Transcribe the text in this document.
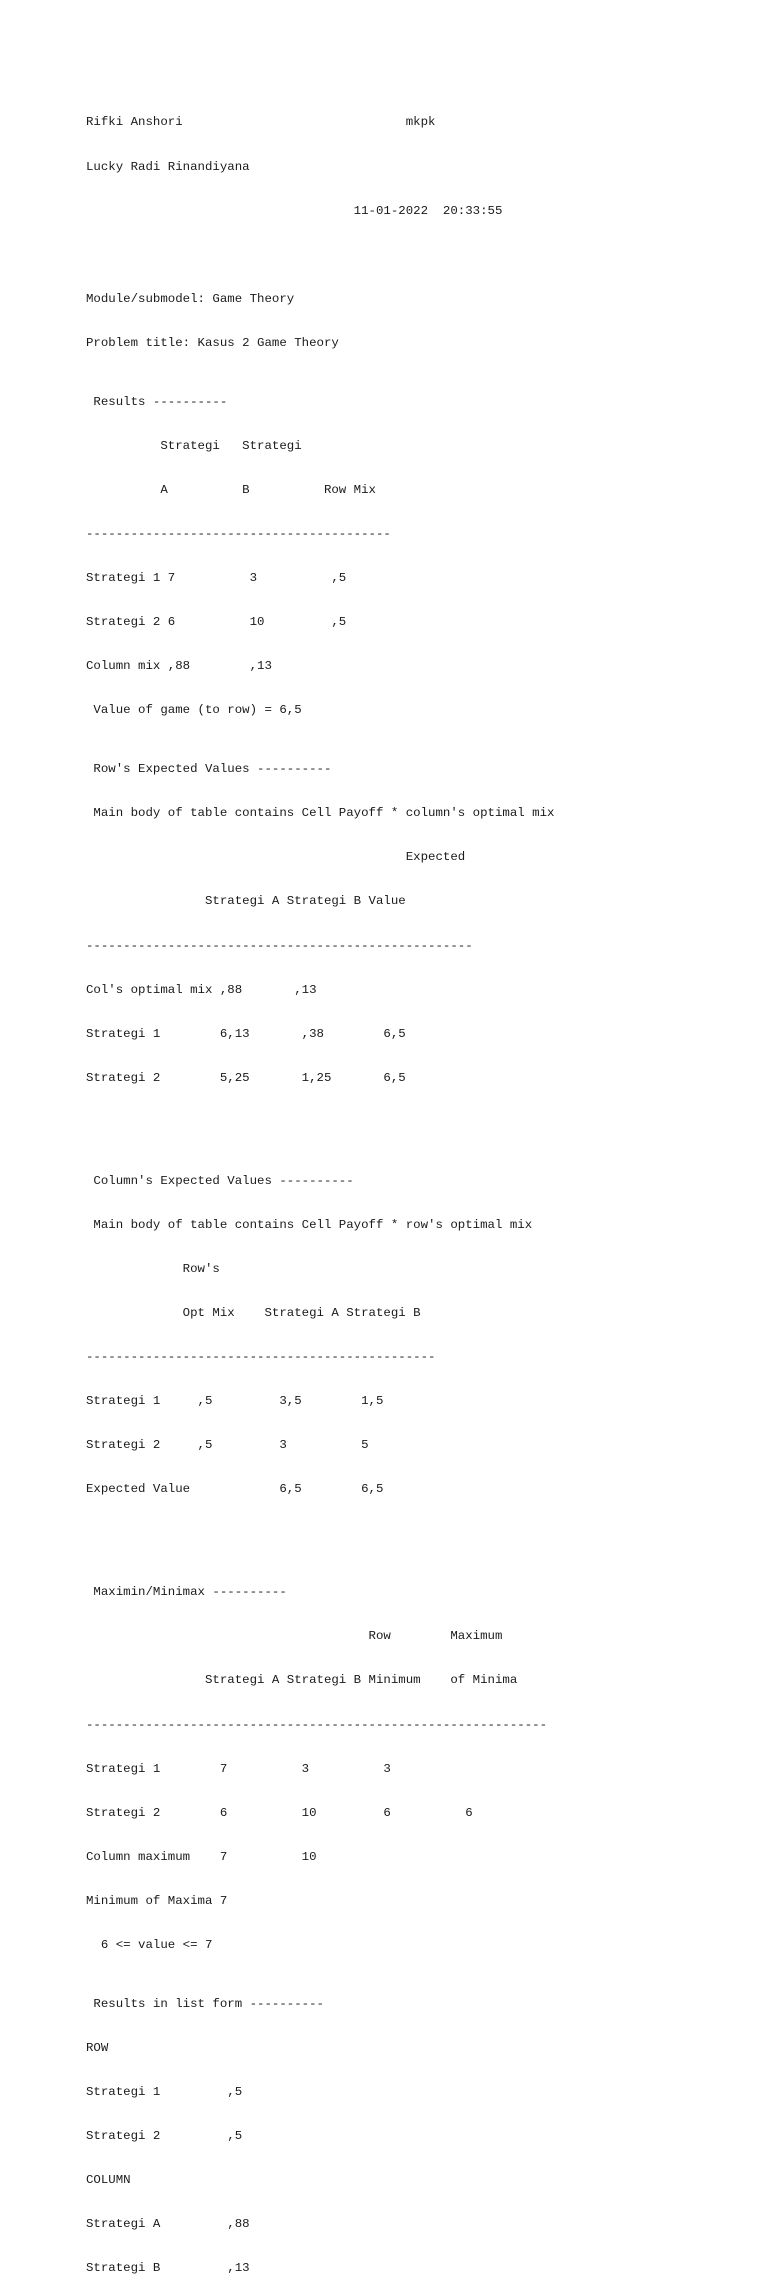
Rifki Anshori                              mkpk

Lucky Radi Rinandiyana

11-01-2022  20:33:55

Module/submodel: Game Theory

Problem title: Kasus 2 Game Theory

Results ----------

Strategi   Strategi

A          B          Row Mix

-----------------------------------------

Strategi 1 7          3          ,5

Strategi 2 6          10         ,5

Column mix ,88        ,13

Value of game (to row) = 6,5

Row's Expected Values ----------

Main body of table contains Cell Payoff * column's optimal mix

Expected

Strategi A Strategi B Value

----------------------------------------------------

Col's optimal mix ,88       ,13

Strategi 1        6,13       ,38        6,5

Strategi 2        5,25       1,25       6,5

Column's Expected Values ----------

Main body of table contains Cell Payoff * row's optimal mix

Row's

Opt Mix    Strategi A Strategi B

-----------------------------------------------

Strategi 1     ,5         3,5        1,5

Strategi 2     ,5         3          5

Expected Value            6,5        6,5

Maximin/Minimax ----------

Row        Maximum

Strategi A Strategi B Minimum    of Minima

--------------------------------------------------------------

Strategi 1        7          3          3

Strategi 2        6          10         6          6

Column maximum    7          10

Minimum of Maxima 7

6 <= value <= 7

Results in list form ----------

ROW

Strategi 1         ,5

Strategi 2         ,5

COLUMN

Strategi A         ,88

Strategi B         ,13
